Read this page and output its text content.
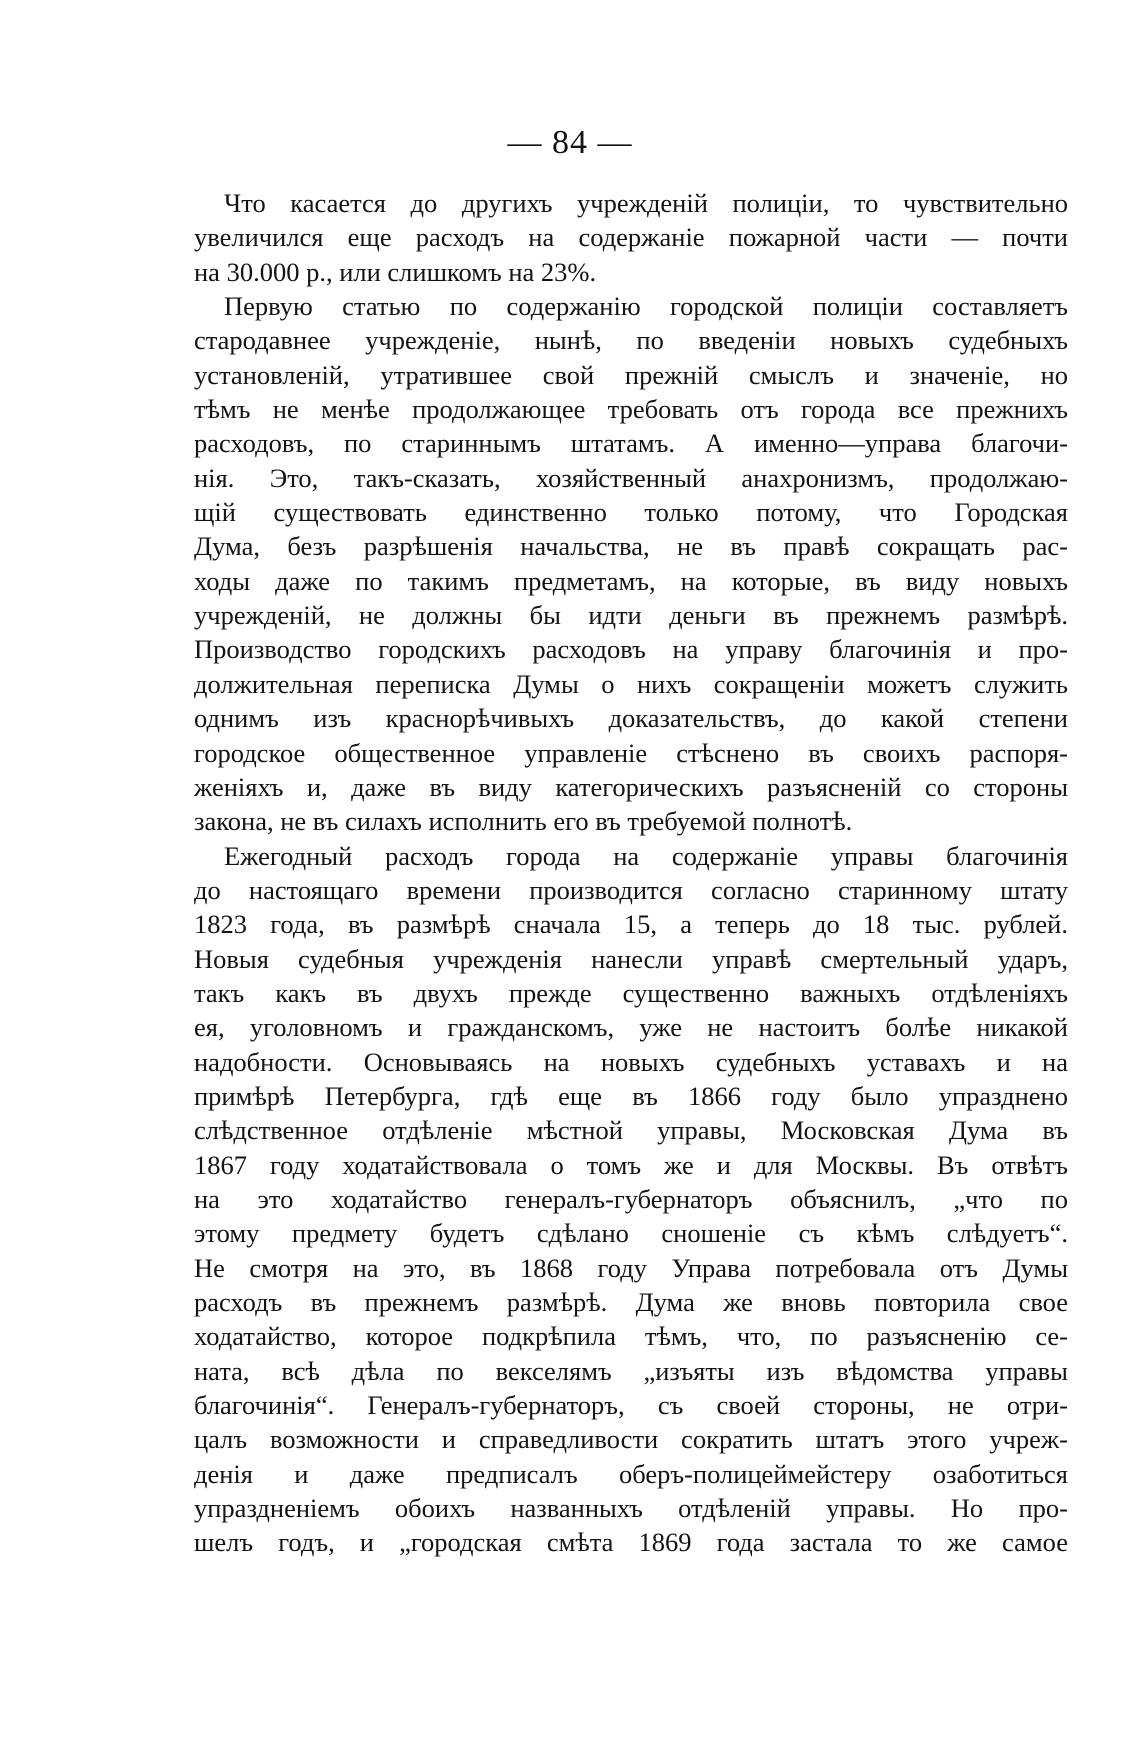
— 84 —
Что касается до другихъ учрежденій полиціи, то чувствительно
увеличился еще расходъ на содержаніе пожарной части — почти
на 30.000 р., или слишкомъ на 23%.
Первую статью по содержанію городской полиціи составляетъ
стародавнее учрежденіе, нынѣ, по введеніи новыхъ судебныхъ
установленій, утратившее свой прежній смыслъ и значеніе, но
тѣмъ не менѣе продолжающее требовать отъ города все прежнихъ
расходовъ, по стариннымъ штатамъ. А именно—управа благочи-
нія. Это, такъ-сказать, хозяйственный анахронизмъ, продолжаю-
щій существовать единственно только потому, что Городская
Дума, безъ разрѣшенія начальства, не въ правѣ сокращать рас-
ходы даже по такимъ предметамъ, на которые, въ виду новыхъ
учрежденій, не должны бы идти деньги въ прежнемъ размѣрѣ.
Производство городскихъ расходовъ на управу благочинія и про-
должительная переписка Думы о нихъ сокращеніи можетъ служить
однимъ изъ краснорѣчивыхъ доказательствъ, до какой степени
городское общественное управленіе стѣснено въ своихъ распоря-
женіяхъ и, даже въ виду категорическихъ разъясненій со стороны
закона, не въ силахъ исполнить его въ требуемой полнотѣ.
Ежегодный расходъ города на содержаніе управы благочинія
до настоящаго времени производится согласно старинному штату
1823 года, въ размѣрѣ сначала 15, а теперь до 18 тыс. рублей.
Новыя судебныя учрежденія нанесли управѣ смертельный ударъ,
такъ какъ въ двухъ прежде существенно важныхъ отдѣленіяхъ
ея, уголовномъ и гражданскомъ, уже не настоитъ болѣе никакой
надобности. Основываясь на новыхъ судебныхъ уставахъ и на
примѣрѣ Петербурга, гдѣ еще въ 1866 году было упразднено
слѣдственное отдѣленіе мѣстной управы, Московская Дума въ
1867 году ходатайствовала о томъ же и для Москвы. Въ отвѣтъ
на это ходатайство генералъ-губернаторъ объяснилъ, „что по
этому предмету будетъ сдѣлано сношеніе съ кѣмъ слѣдуетъ“.
Не смотря на это, въ 1868 году Управа потребовала отъ Думы
расходъ въ прежнемъ размѣрѣ. Дума же вновь повторила свое
ходатайство, которое подкрѣпила тѣмъ, что, по разъясненію се-
ната, всѣ дѣла по векселямъ „изъяты изъ вѣдомства управы
благочинія“. Генералъ-губернаторъ, съ своей стороны, не отри-
цалъ возможности и справедливости сократить штатъ этого учреж-
денія и даже предписалъ оберъ-полицеймейстеру озаботиться
упраздненіемъ обоихъ названныхъ отдѣленій управы. Но про-
шелъ годъ, и „городская смѣта 1869 года застала то же самое
